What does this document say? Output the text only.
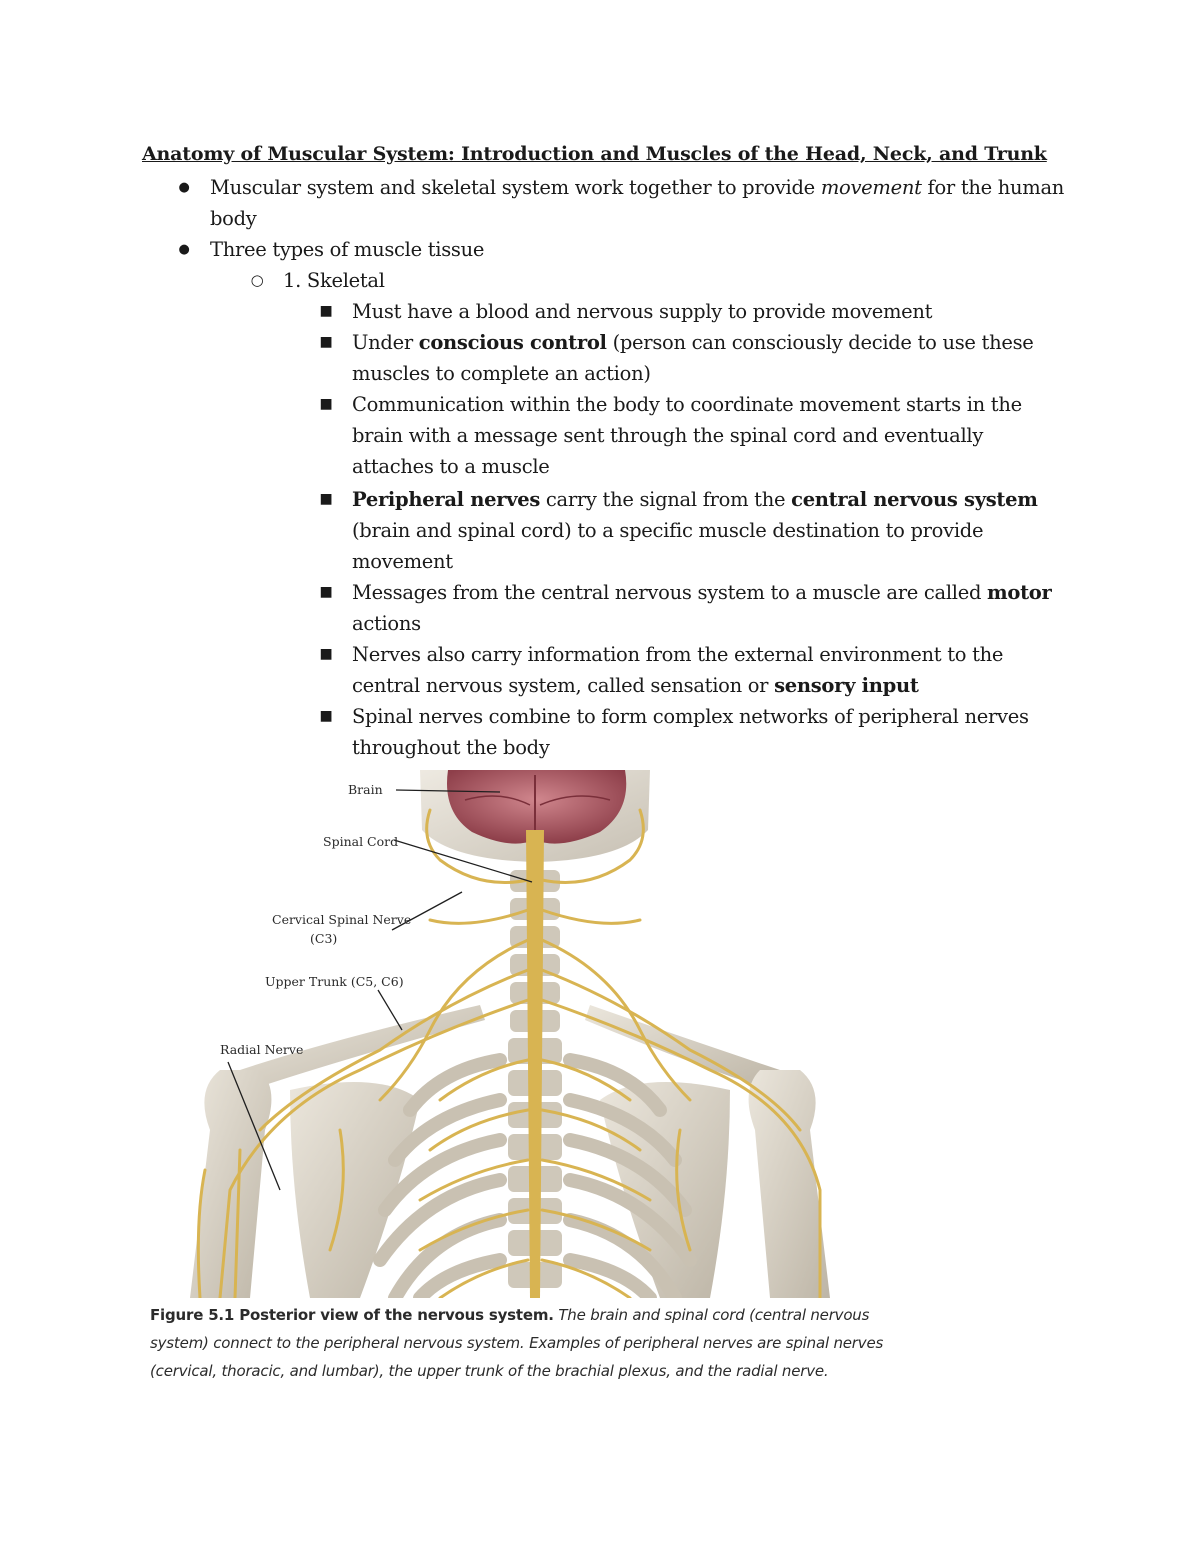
Anatomy of Muscular System: Introduction and Muscles of the Head, Neck, and Trunk
● Muscular system and skeletal system work together to provide movement for the human body
● Three types of muscle tissue
○ 1. Skeletal
■ Must have a blood and nervous supply to provide movement
■ Under conscious control (person can consciously decide to use these muscles to complete an action)
■ Communication within the body to coordinate movement starts in the brain with a message sent through the spinal cord and eventually attaches to a muscle
■ Peripheral nerves carry the signal from the central nervous system (brain and spinal cord) to a specific muscle destination to provide movement
■ Messages from the central nervous system to a muscle are called motor actions
■ Nerves also carry information from the external environment to the central nervous system, called sensation or sensory input
■ Spinal nerves combine to form complex networks of peripheral nerves throughout the body
Brain
Spinal Cord
Cervical Spinal Nerve
(C3)
Upper Trunk (C5, C6)
Radial Nerve
Figure 5.1 Posterior view of the nervous system. The brain and spinal cord (central nervous system) connect to the peripheral nervous system. Examples of peripheral nerves are spinal nerves (cervical, thoracic, and lumbar), the upper trunk of the brachial plexus, and the radial nerve.
